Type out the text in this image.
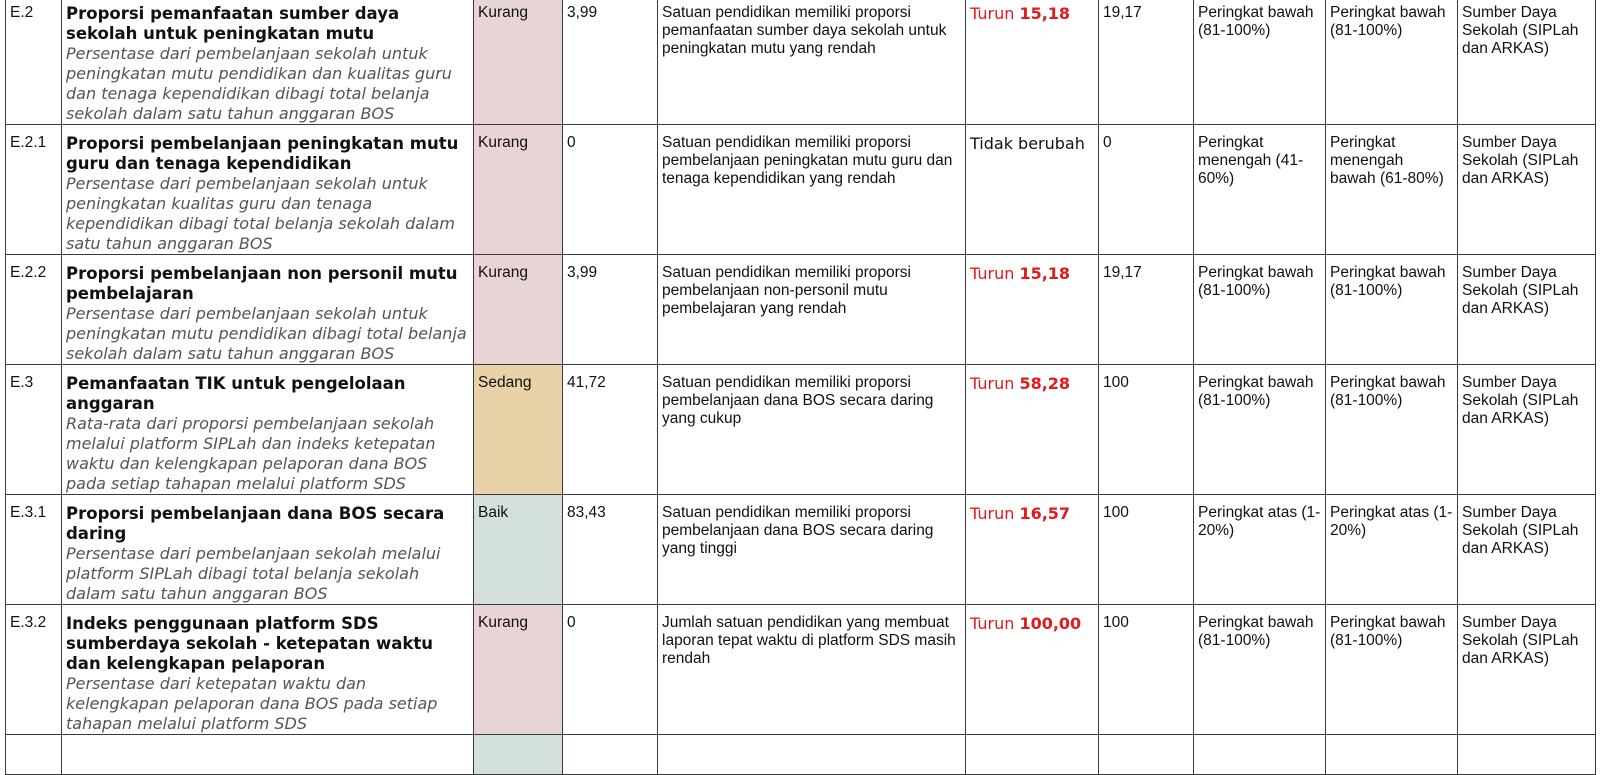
E.2	Proporsi pemanfaatan sumber daya sekolah untuk peningkatan mutu
Persentase dari pembelanjaan sekolah untuk peningkatan mutu pendidikan dan kualitas guru dan tenaga kependidikan dibagi total belanja sekolah dalam satu tahun anggaran BOS	Kurang	3,99	Satuan pendidikan memiliki proporsi pemanfaatan sumber daya sekolah untuk peningkatan mutu yang rendah	Turun 15,18	19,17	Peringkat bawah (81-100%)	Peringkat bawah (81-100%)	Sumber Daya Sekolah (SIPLah dan ARKAS)
E.2.1	Proporsi pembelanjaan peningkatan mutu guru dan tenaga kependidikan
Persentase dari pembelanjaan sekolah untuk peningkatan kualitas guru dan tenaga kependidikan dibagi total belanja sekolah dalam satu tahun anggaran BOS	Kurang	0	Satuan pendidikan memiliki proporsi pembelanjaan peningkatan mutu guru dan tenaga kependidikan yang rendah	Tidak berubah	0	Peringkat menengah (41-60%)	Peringkat menengah bawah (61-80%)	Sumber Daya Sekolah (SIPLah dan ARKAS)
E.2.2	Proporsi pembelanjaan non personil mutu pembelajaran
Persentase dari pembelanjaan sekolah untuk peningkatan mutu pendidikan dibagi total belanja sekolah dalam satu tahun anggaran BOS	Kurang	3,99	Satuan pendidikan memiliki proporsi pembelanjaan non-personil mutu pembelajaran yang rendah	Turun 15,18	19,17	Peringkat bawah (81-100%)	Peringkat bawah (81-100%)	Sumber Daya Sekolah (SIPLah dan ARKAS)
E.3	Pemanfaatan TIK untuk pengelolaan anggaran
Rata-rata dari proporsi pembelanjaan sekolah melalui platform SIPLah dan indeks ketepatan waktu dan kelengkapan pelaporan dana BOS pada setiap tahapan melalui platform SDS	Sedang	41,72	Satuan pendidikan memiliki proporsi pembelanjaan dana BOS secara daring yang cukup	Turun 58,28	100	Peringkat bawah (81-100%)	Peringkat bawah (81-100%)	Sumber Daya Sekolah (SIPLah dan ARKAS)
E.3.1	Proporsi pembelanjaan dana BOS secara daring
Persentase dari pembelanjaan sekolah melalui platform SIPLah dibagi total belanja sekolah dalam satu tahun anggaran BOS	Baik	83,43	Satuan pendidikan memiliki proporsi pembelanjaan dana BOS secara daring yang tinggi	Turun 16,57	100	Peringkat atas (1-20%)	Peringkat atas (1-20%)	Sumber Daya Sekolah (SIPLah dan ARKAS)
E.3.2	Indeks penggunaan platform SDS sumberdaya sekolah - ketepatan waktu dan kelengkapan pelaporan
Persentase dari ketepatan waktu dan kelengkapan pelaporan dana BOS pada setiap tahapan melalui platform SDS	Kurang	0	Jumlah satuan pendidikan yang membuat laporan tepat waktu di platform SDS masih rendah	Turun 100,00	100	Peringkat bawah (81-100%)	Peringkat bawah (81-100%)	Sumber Daya Sekolah (SIPLah dan ARKAS)
